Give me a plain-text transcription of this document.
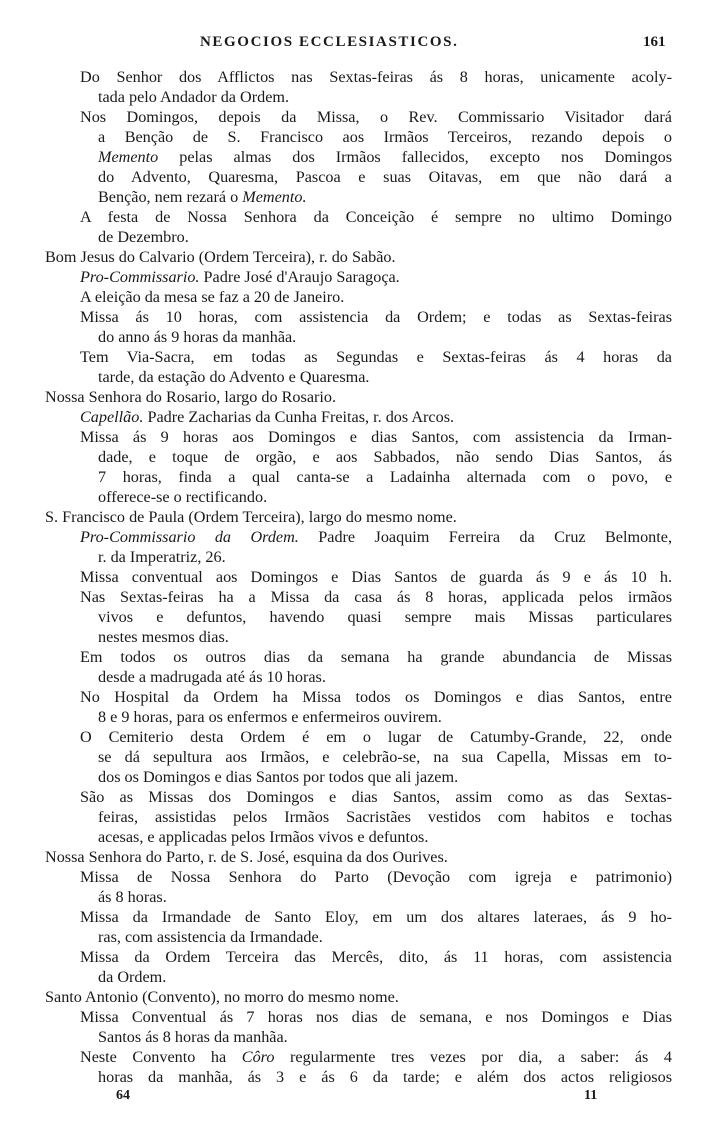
NEGOCIOS ECCLESIASTICOS.	161
Do Senhor dos Afflictos nas Sextas-feiras ás 8 horas, unicamente acoly-
tada pelo Andador da Ordem.
Nos Domingos, depois da Missa, o Rev. Commissario Visitador dará
a Benção de S. Francisco aos Irmãos Terceiros, rezando depois o
Memento pelas almas dos Irmãos fallecidos, excepto nos Domingos
do Advento, Quaresma, Pascoa e suas Oitavas, em que não dará a
Benção, nem rezará o Memento.
A festa de Nossa Senhora da Conceição é sempre no ultimo Domingo
de Dezembro.
Bom Jesus do Calvario (Ordem Terceira), r. do Sabão.
Pro-Commissario. Padre José d'Araujo Saragoça.
A eleição da mesa se faz a 20 de Janeiro.
Missa ás 10 horas, com assistencia da Ordem; e todas as Sextas-feiras
do anno ás 9 horas da manhãa.
Tem Via-Sacra, em todas as Segundas e Sextas-feiras ás 4 horas da
tarde, da estação do Advento e Quaresma.
Nossa Senhora do Rosario, largo do Rosario.
Capellão. Padre Zacharias da Cunha Freitas, r. dos Arcos.
Missa ás 9 horas aos Domingos e dias Santos, com assistencia da Irman-
dade, e toque de orgão, e aos Sabbados, não sendo Dias Santos, ás
7 horas, finda a qual canta-se a Ladainha alternada com o povo, e
offerece-se o rectificando.
S. Francisco de Paula (Ordem Terceira), largo do mesmo nome.
Pro-Commissario da Ordem. Padre Joaquim Ferreira da Cruz Belmonte,
r. da Imperatriz, 26.
Missa conventual aos Domingos e Dias Santos de guarda ás 9 e ás 10 h.
Nas Sextas-feiras ha a Missa da casa ás 8 horas, applicada pelos irmãos
vivos e defuntos, havendo quasi sempre mais Missas particulares
nestes mesmos dias.
Em todos os outros dias da semana ha grande abundancia de Missas
desde a madrugada até ás 10 horas.
No Hospital da Ordem ha Missa todos os Domingos e dias Santos, entre
8 e 9 horas, para os enfermos e enfermeiros ouvirem.
O Cemiterio desta Ordem é em o lugar de Catumby-Grande, 22, onde
se dá sepultura aos Irmãos, e celebrão-se, na sua Capella, Missas em to-
dos os Domingos e dias Santos por todos que ali jazem.
São as Missas dos Domingos e dias Santos, assim como as das Sextas-
feiras, assistidas pelos Irmãos Sacristães vestidos com habitos e tochas
acesas, e applicadas pelos Irmãos vivos e defuntos.
Nossa Senhora do Parto, r. de S. José, esquina da dos Ourives.
Missa de Nossa Senhora do Parto (Devoção com igreja e patrimonio)
ás 8 horas.
Missa da Irmandade de Santo Eloy, em um dos altares lateraes, ás 9 ho-
ras, com assistencia da Irmandade.
Missa da Ordem Terceira das Mercês, dito, ás 11 horas, com assistencia
da Ordem.
Santo Antonio (Convento), no morro do mesmo nome.
Missa Conventual ás 7 horas nos dias de semana, e nos Domingos e Dias
Santos ás 8 horas da manhãa.
Neste Convento ha Côro regularmente tres vezes por dia, a saber: ás 4
horas da manhãa, ás 3 e ás 6 da tarde; e além dos actos religiosos
64	11
